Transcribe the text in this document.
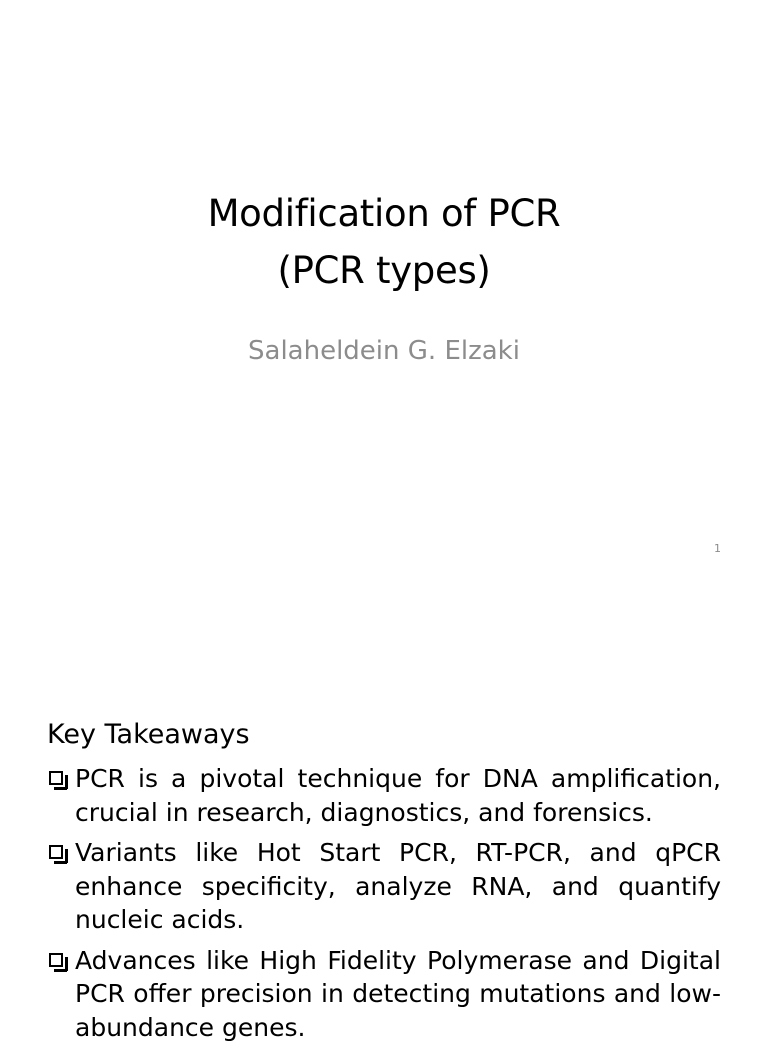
Modification of PCR
(PCR types)
Salaheldein G. Elzaki
1
Key Takeaways
PCR is a pivotal technique for DNA amplification, crucial in research, diagnostics, and forensics.
Variants like Hot Start PCR, RT-PCR, and qPCR enhance specificity, analyze RNA, and quantify nucleic acids.
Advances like High Fidelity Polymerase and Digital PCR offer precision in detecting mutations and low-abundance genes.
